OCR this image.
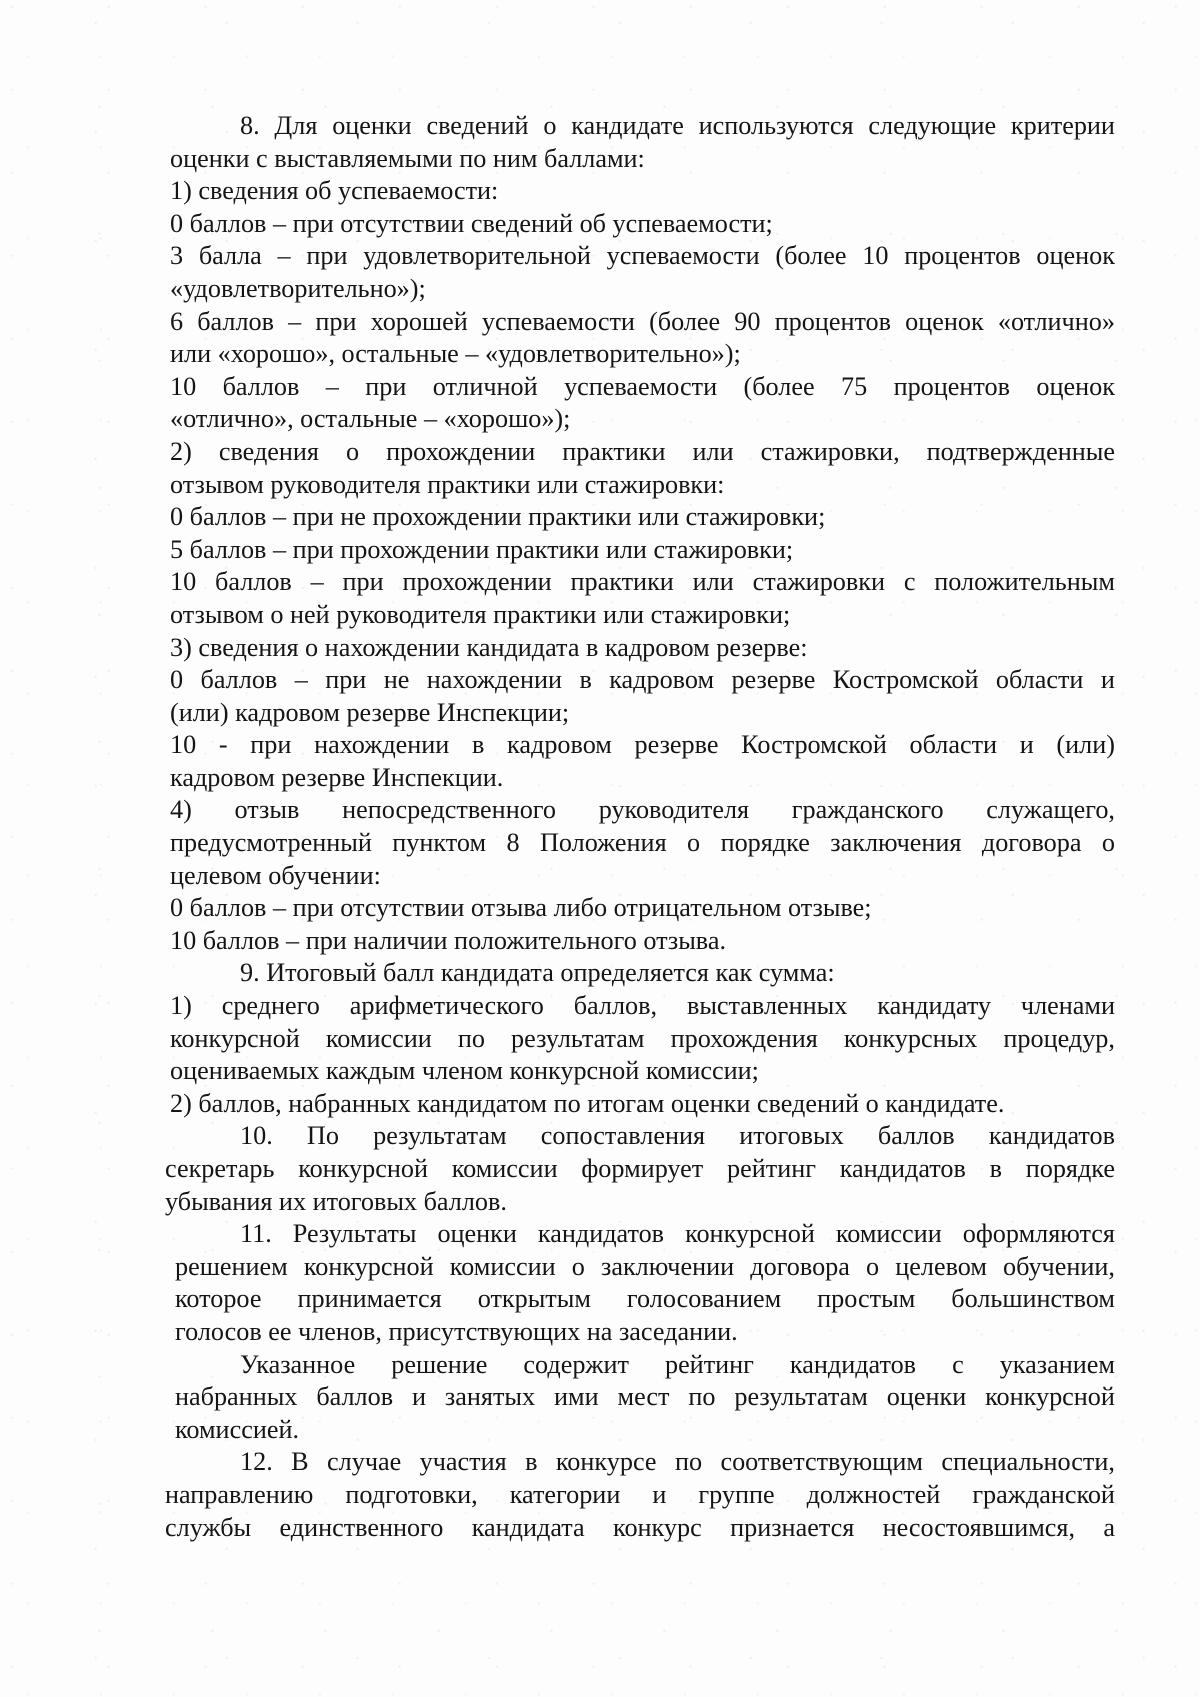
8. Для оценки сведений о кандидате используются следующие критерии
оценки с выставляемыми по ним баллами:
1) сведения об успеваемости:
0 баллов – при отсутствии сведений об успеваемости;
3 балла – при удовлетворительной успеваемости (более 10 процентов оценок
«удовлетворительно»);
6 баллов – при хорошей успеваемости (более 90 процентов оценок «отлично»
или «хорошо», остальные – «удовлетворительно»);
10 баллов – при отличной успеваемости (более 75 процентов оценок
«отлично», остальные – «хорошо»);
2) сведения о прохождении практики или стажировки, подтвержденные
отзывом руководителя практики или стажировки:
0 баллов – при не прохождении практики или стажировки;
5 баллов – при прохождении практики или стажировки;
10 баллов – при прохождении практики или стажировки с положительным
отзывом о ней руководителя практики или стажировки;
3) сведения о нахождении кандидата в кадровом резерве:
0 баллов – при не нахождении в кадровом резерве Костромской области и
(или) кадровом резерве Инспекции;
10 - при нахождении в кадровом резерве Костромской области и (или)
кадровом резерве Инспекции.
4) отзыв непосредственного руководителя гражданского служащего,
предусмотренный пунктом 8 Положения о порядке заключения договора о
целевом обучении:
0 баллов – при отсутствии отзыва либо отрицательном отзыве;
10 баллов – при наличии положительного отзыва.
9. Итоговый балл кандидата определяется как сумма:
1) среднего арифметического баллов, выставленных кандидату членами
конкурсной комиссии по результатам прохождения конкурсных процедур,
оцениваемых каждым членом конкурсной комиссии;
2) баллов, набранных кандидатом по итогам оценки сведений о кандидате.
10. По результатам сопоставления итоговых баллов кандидатов
секретарь конкурсной комиссии формирует рейтинг кандидатов в порядке
убывания их итоговых баллов.
11. Результаты оценки кандидатов конкурсной комиссии оформляются
решением конкурсной комиссии о заключении договора о целевом обучении,
которое принимается открытым голосованием простым большинством
голосов ее членов, присутствующих на заседании.
Указанное решение содержит рейтинг кандидатов с указанием
набранных баллов и занятых ими мест по результатам оценки конкурсной
комиссией.
12. В случае участия в конкурсе по соответствующим специальности,
направлению подготовки, категории и группе должностей гражданской
службы единственного кандидата конкурс признается несостоявшимся, а
